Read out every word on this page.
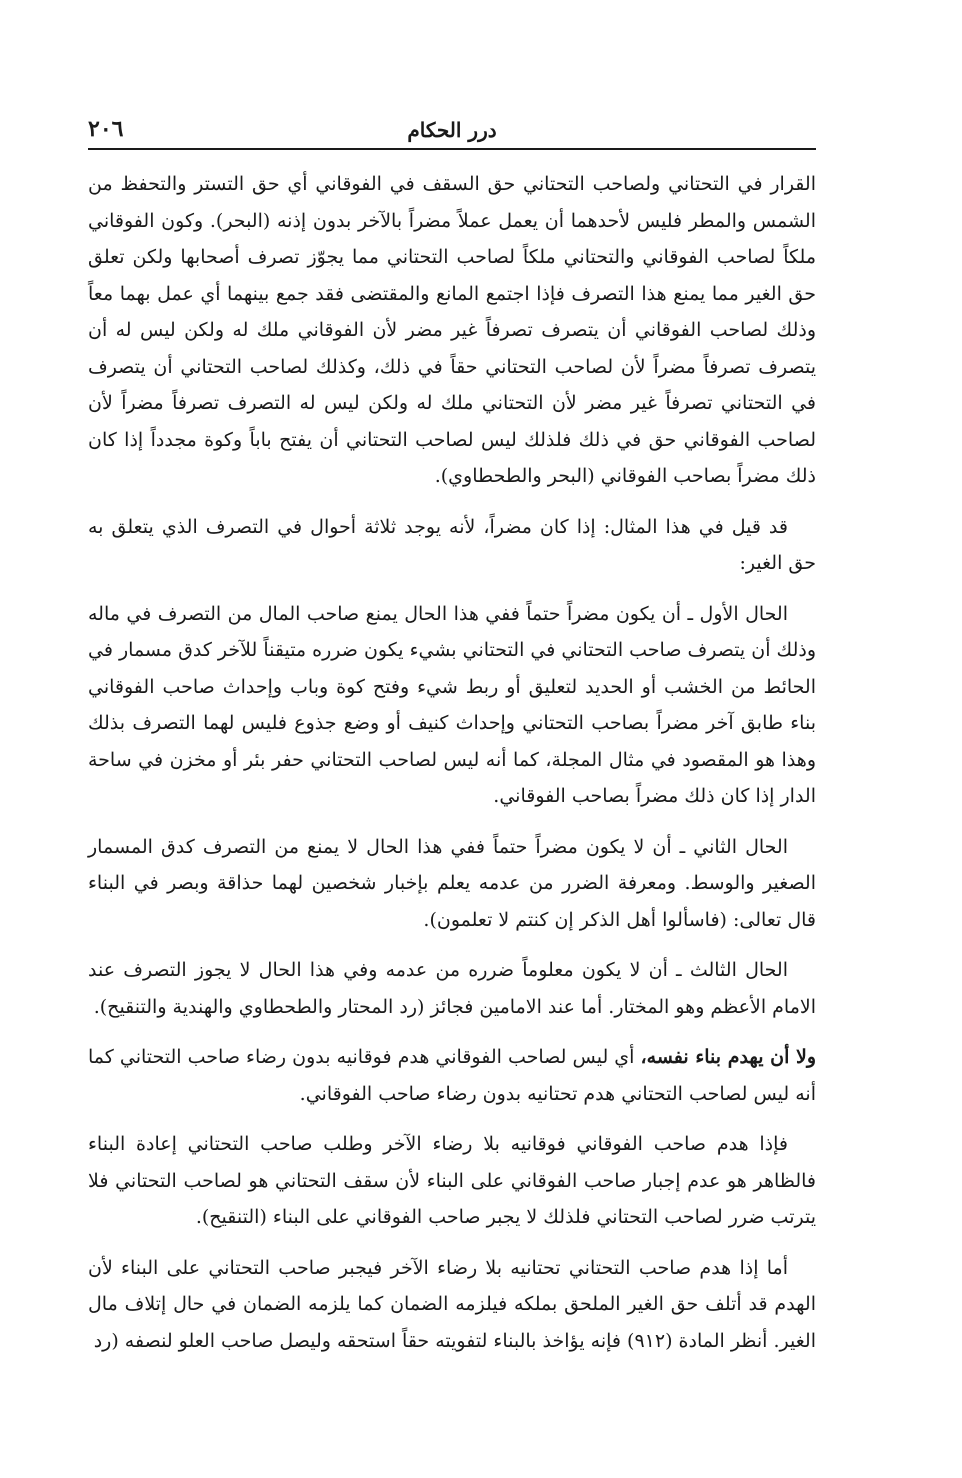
٢٠٦	درر الحكام

القرار في التحتاني ولصاحب التحتاني حق السقف في الفوقاني أي حق التستر والتحفظ من الشمس والمطر فليس لأحدهما أن يعمل عملاً مضراً بالآخر بدون إذنه (البحر). وكون الفوقاني ملكاً لصاحب الفوقاني والتحتاني ملكاً لصاحب التحتاني مما يجوّز تصرف أصحابها ولكن تعلق حق الغير مما يمنع هذا التصرف فإذا اجتمع المانع والمقتضى فقد جمع بينهما أي عمل بهما معاً وذلك لصاحب الفوقاني أن يتصرف تصرفاً غير مضر لأن الفوقاني ملك له ولكن ليس له أن يتصرف تصرفاً مضراً لأن لصاحب التحتاني حقاً في ذلك، وكذلك لصاحب التحتاني أن يتصرف في التحتاني تصرفاً غير مضر لأن التحتاني ملك له ولكن ليس له التصرف تصرفاً مضراً لأن لصاحب الفوقاني حق في ذلك فلذلك ليس لصاحب التحتاني أن يفتح باباً وكوة مجدداً إذا كان ذلك مضراً بصاحب الفوقاني (البحر والطحطاوي).

قد قيل في هذا المثال: إذا كان مضراً، لأنه يوجد ثلاثة أحوال في التصرف الذي يتعلق به حق الغير:

الحال الأول ـ أن يكون مضراً حتماً ففي هذا الحال يمنع صاحب المال من التصرف في ماله وذلك أن يتصرف صاحب التحتاني في التحتاني بشيء يكون ضرره متيقناً للآخر كدق مسمار في الحائط من الخشب أو الحديد لتعليق أو ربط شيء وفتح كوة وباب وإحداث صاحب الفوقاني بناء طابق آخر مضراً بصاحب التحتاني وإحداث كنيف أو وضع جذوع فليس لهما التصرف بذلك وهذا هو المقصود في مثال المجلة، كما أنه ليس لصاحب التحتاني حفر بئر أو مخزن في ساحة الدار إذا كان ذلك مضراً بصاحب الفوقاني.

الحال الثاني ـ أن لا يكون مضراً حتماً ففي هذا الحال لا يمنع من التصرف كدق المسمار الصغير والوسط. ومعرفة الضرر من عدمه يعلم بإخبار شخصين لهما حذاقة وبصر في البناء قال تعالى: (فاسألوا أهل الذكر إن كنتم لا تعلمون).

الحال الثالث ـ أن لا يكون معلوماً ضرره من عدمه وفي هذا الحال لا يجوز التصرف عند الامام الأعظم وهو المختار. أما عند الامامين فجائز (رد المحتار والطحطاوي والهندية والتنقيح).

ولا أن يهدم بناء نفسه، أي ليس لصاحب الفوقاني هدم فوقانيه بدون رضاء صاحب التحتاني كما أنه ليس لصاحب التحتاني هدم تحتانيه بدون رضاء صاحب الفوقاني.

فإذا هدم صاحب الفوقاني فوقانيه بلا رضاء الآخر وطلب صاحب التحتاني إعادة البناء فالظاهر هو عدم إجبار صاحب الفوقاني على البناء لأن سقف التحتاني هو لصاحب التحتاني فلا يترتب ضرر لصاحب التحتاني فلذلك لا يجبر صاحب الفوقاني على البناء (التنقيح).

أما إذا هدم صاحب التحتاني تحتانيه بلا رضاء الآخر فيجبر صاحب التحتاني على البناء لأن الهدم قد أتلف حق الغير الملحق بملكه فيلزمه الضمان كما يلزمه الضمان في حال إتلاف مال الغير. أنظر المادة (٩١٢) فإنه يؤاخذ بالبناء لتفويته حقاً استحقه وليصل صاحب العلو لنصفه (رد
